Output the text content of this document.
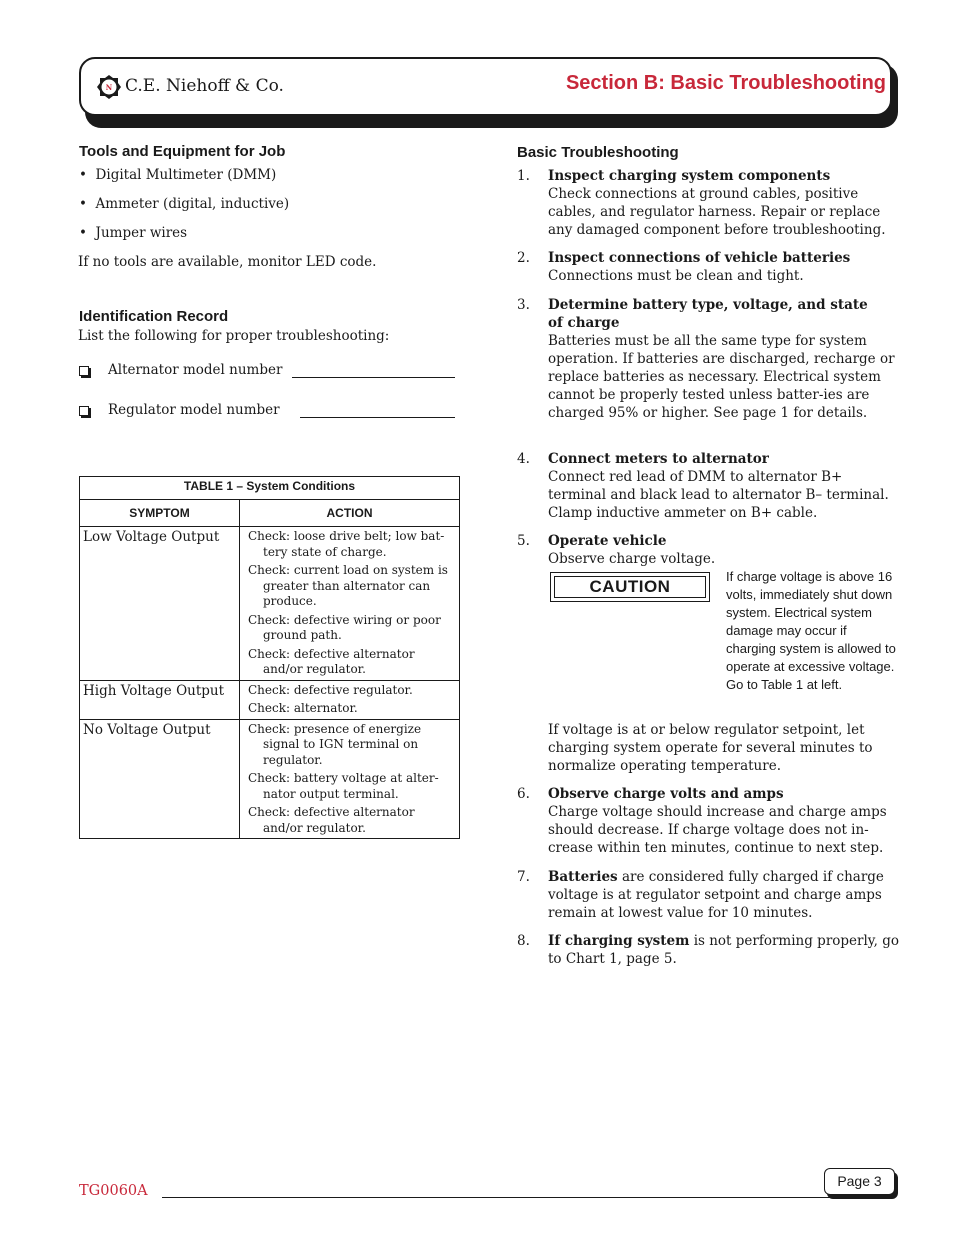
N C.E. Niehoff & Co.	Section B: Basic Troubleshooting
Tools and Equipment for Job
•  Digital Multimeter (DMM)
•  Ammeter (digital, inductive)
•  Jumper wires
If no tools are available, monitor LED code.
Identification Record
List the following for proper troubleshooting:
Alternator model number
Regulator model number
TABLE 1 – System Conditions	
SYMPTOM	ACTION
Low Voltage Output	Check: loose drive belt; low bat-tery state of charge.
Check: current load on system is greater than alternator can produce.
Check: defective wiring or poor ground path.
Check: defective alternator and/or regulator.

High Voltage Output	Check: defective regulator.
Check: alternator.

No Voltage Output	Check: presence of energize signal to IGN terminal on regulator.
Check: battery voltage at alter-nator output terminal.
Check: defective alternator and/or regulator.
Basic Troubleshooting
1. Inspect charging system components
Check connections at ground cables, positive cables, and regulator harness. Repair or replace any damaged component before troubleshooting.
2. Inspect connections of vehicle batteries
Connections must be clean and tight.
3. Determine battery type, voltage, and state of charge
Batteries must be all the same type for system operation. If batteries are discharged, recharge or replace batteries as necessary. Electrical system cannot be properly tested unless batter-ies are charged 95% or higher. See page 1 for details.
4. Connect meters to alternator
Connect red lead of DMM to alternator B+ terminal and black lead to alternator B– terminal. Clamp inductive ammeter on B+ cable.
5. Operate vehicle
Observe charge voltage.
CAUTION
If charge voltage is above 16 volts, immediately shut down system. Electrical system damage may occur if charging system is allowed to operate at excessive voltage. Go to Table 1 at left.
If voltage is at or below regulator setpoint, let charging system operate for several minutes to normalize operating temperature.
6. Observe charge volts and amps
Charge voltage should increase and charge amps should decrease. If charge voltage does not in-crease within ten minutes, continue to next step.
7. Batteries are considered fully charged if charge voltage is at regulator setpoint and charge amps remain at lowest value for 10 minutes.
8. If charging system is not performing properly, go to Chart 1, page 5.
TG0060A
Page 3
